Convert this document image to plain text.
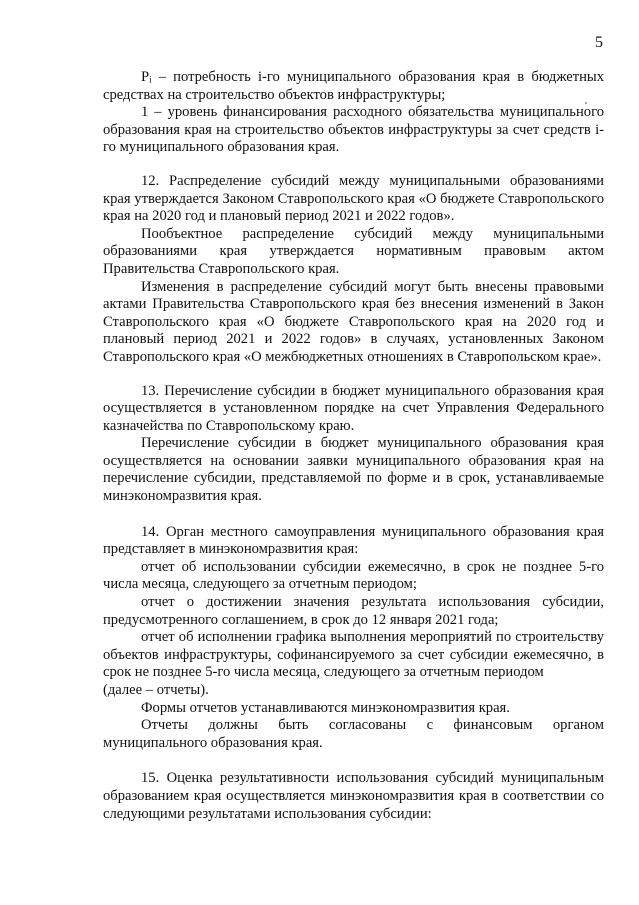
5

Pᵢ – потребность i-го муниципального образования края в бюджетных средствах на строительство объектов инфраструктуры;

1 – уровень финансирования расходного обязательства муниципального образования края на строительство объектов инфраструктуры за счет средств i-го муниципального образования края.

12. Распределение субсидий между муниципальными образованиями края утверждается Законом Ставропольского края «О бюджете Ставропольского края на 2020 год и плановый период 2021 и 2022 годов».

Пообъектное распределение субсидий между муниципальными образованиями края утверждается нормативным правовым актом Правительства Ставропольского края.

Изменения в распределение субсидий могут быть внесены правовыми актами Правительства Ставропольского края без внесения изменений в Закон Ставропольского края «О бюджете Ставропольского края на 2020 год и плановый период 2021 и 2022 годов» в случаях, установленных Законом Ставропольского края «О межбюджетных отношениях в Ставропольском крае».

13. Перечисление субсидии в бюджет муниципального образования края осуществляется в установленном порядке на счет Управления Федерального казначейства по Ставропольскому краю.

Перечисление субсидии в бюджет муниципального образования края осуществляется на основании заявки муниципального образования края на перечисление субсидии, представляемой по форме и в срок, устанавливаемые минэкономразвития края.

14. Орган местного самоуправления муниципального образования края представляет в минэкономразвития края:

отчет об использовании субсидии ежемесячно, в срок не позднее 5-го числа месяца, следующего за отчетным периодом;

отчет о достижении значения результата использования субсидии, предусмотренного соглашением, в срок до 12 января 2021 года;

отчет об исполнении графика выполнения мероприятий по строительству объектов инфраструктуры, софинансируемого за счет субсидии ежемесячно, в срок не позднее 5-го числа месяца, следующего за отчетным периодом

(далее – отчеты).

Формы отчетов устанавливаются минэкономразвития края.

Отчеты должны быть согласованы с финансовым органом муниципального образования края.

15. Оценка результативности использования субсидий муниципальным образованием края осуществляется минэкономразвития края в соответствии со следующими результатами использования субсидии:
